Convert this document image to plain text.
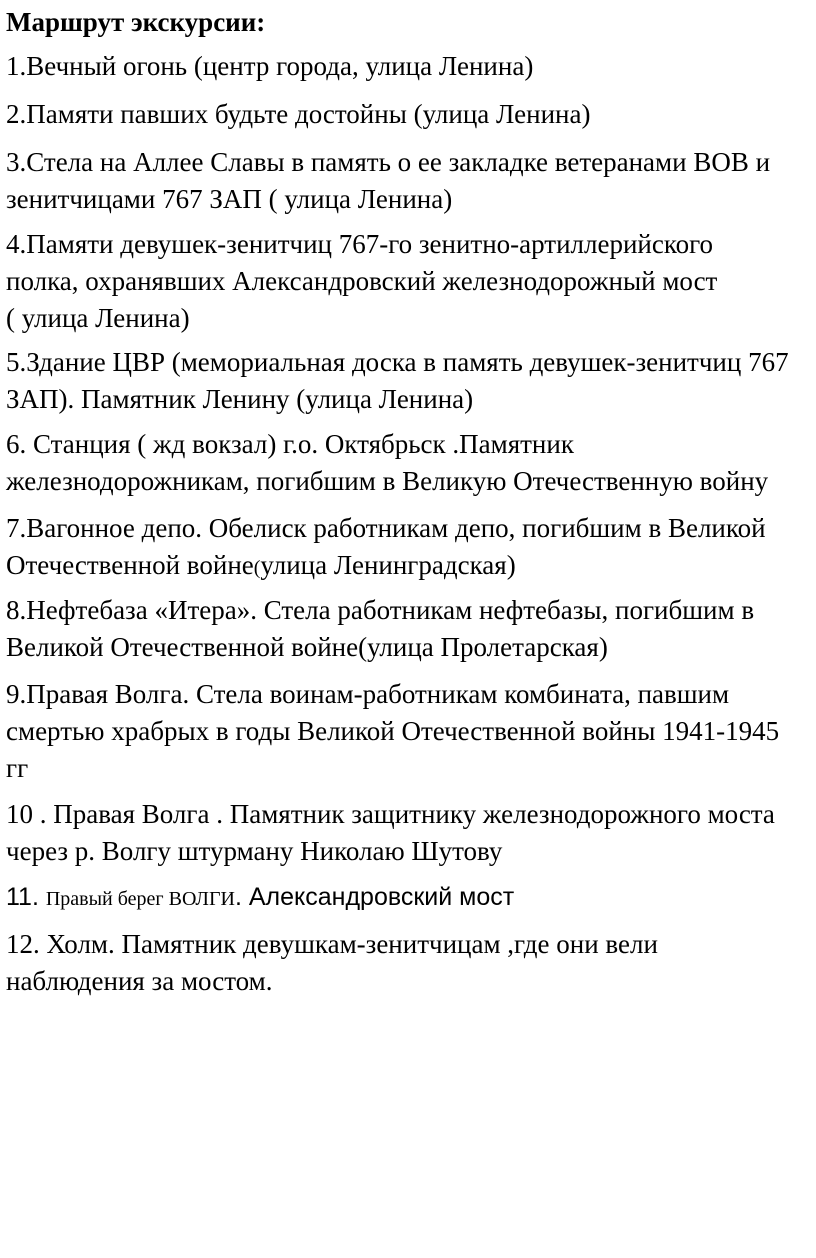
Маршрут экскурсии:
1.Вечный огонь (центр города, улица Ленина)
2.Памяти павших будьте достойны (улица Ленина)
3.Стела на Аллее Славы в память о ее закладке ветеранами ВОВ и
зенитчицами 767 ЗАП ( улица Ленина)
4.Памяти девушек-зенитчиц 767-го зенитно-артиллерийского
полка, охранявших Александровский железнодорожный мост
( улица Ленина)
5.Здание ЦВР (мемориальная доска в память девушек-зенитчиц 767
ЗАП). Памятник Ленину (улица Ленина)
6. Станция ( жд вокзал) г.о. Октябрьск .Памятник
железнодорожникам, погибшим в Великую Отечественную войну
7.Вагонное депо. Обелиск работникам депо, погибшим в Великой
Отечественной войне(улица Ленинградская)
8.Нефтебаза «Итера». Стела работникам нефтебазы, погибшим в
Великой Отечественной войне(улица Пролетарская)
9.Правая Волга. Стела воинам-работникам комбината, павшим
смертью храбрых в годы Великой Отечественной войны 1941-1945
гг
10 . Правая Волга . Памятник защитнику железнодорожного моста
через р. Волгу штурману Николаю Шутову
11. Правый берег ВОЛГИ. Александровский мост
12. Холм. Памятник девушкам-зенитчицам ,где они вели
наблюдения за мостом.
